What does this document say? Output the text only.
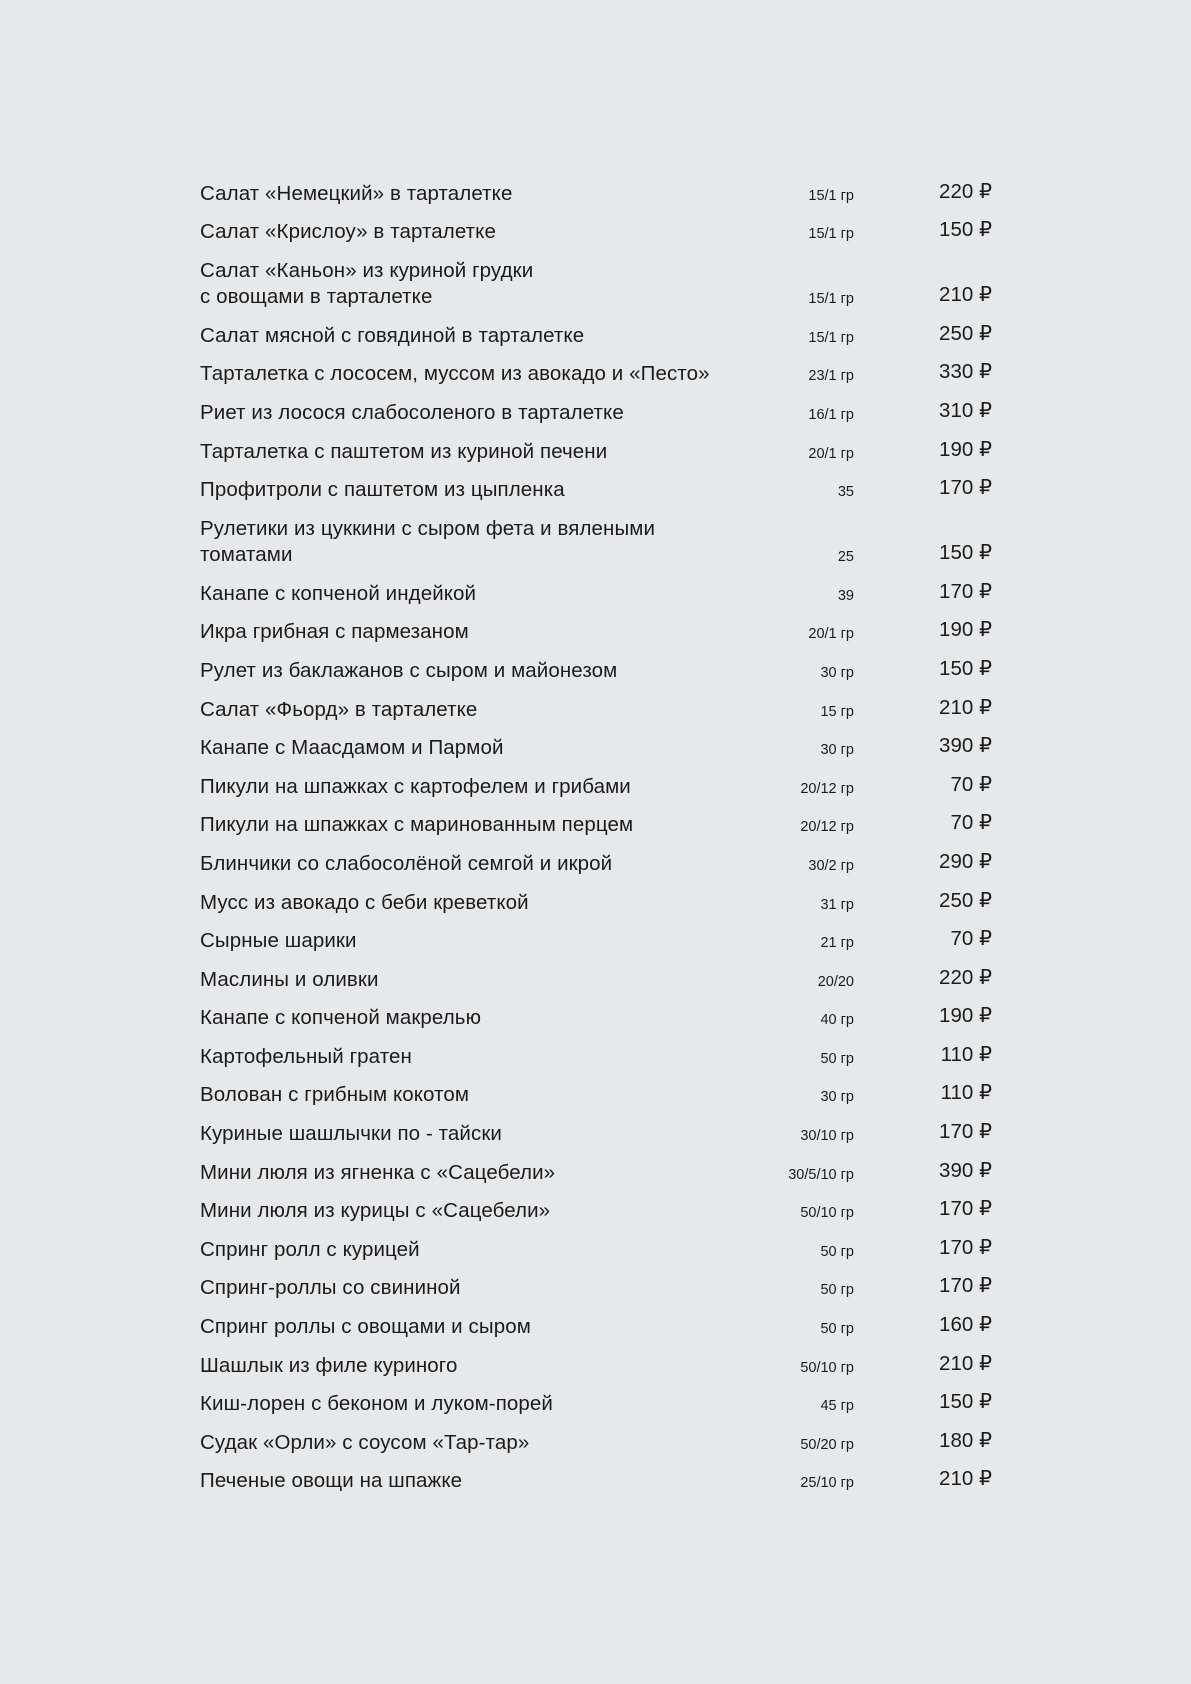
Салат «Немецкий» в тарталетке	15/1 гр	220 ₽
Салат «Крислоу» в тарталетке	15/1 гр	150 ₽
Салат «Каньон» из куриной грудки
с овощами в тарталетке	15/1 гр	210 ₽
Салат мясной с говядиной в тарталетке	15/1 гр	250 ₽
Тарталетка с лососем, муссом из авокадо и «Песто»	23/1 гр	330 ₽
Риет из лосося слабосоленого в тарталетке	16/1 гр	310 ₽
Тарталетка с паштетом из куриной печени	20/1 гр	190 ₽
Профитроли с паштетом из цыпленка	35	170 ₽
Рулетики из цуккини с сыром фета и вялеными
томатами	25	150 ₽
Канапе с копченой индейкой	39	170 ₽
Икра грибная с пармезаном	20/1 гр	190 ₽
Рулет из баклажанов с сыром и майонезом	30 гр	150 ₽
Салат «Фьорд» в тарталетке	15 гр	210 ₽
Канапе с Маасдамом и Пармой	30 гр	390 ₽
Пикули на шпажках с картофелем и грибами	20/12 гр	70 ₽
Пикули на шпажках с маринованным перцем	20/12 гр	70 ₽
Блинчики со слабосолёной семгой и икрой	30/2 гр	290 ₽
Мусс из авокадо с беби креветкой	31 гр	250 ₽
Сырные шарики	21 гр	70 ₽
Маслины и оливки	20/20	220 ₽
Канапе с копченой макрелью	40 гр	190 ₽
Картофельный гратен	50 гр	110 ₽
Волован с грибным кокотом	30 гр	110 ₽
Куриные шашлычки по - тайски	30/10 гр	170 ₽
Мини люля из ягненка с «Сацебели»	30/5/10 гр	390 ₽
Мини люля из курицы с «Сацебели»	50/10 гр	170 ₽
Спринг ролл с курицей	50 гр	170 ₽
Спринг-роллы со свининой	50 гр	170 ₽
Спринг роллы с овощами и сыром	50 гр	160 ₽
Шашлык из филе куриного	50/10 гр	210 ₽
Киш-лорен с беконом и луком-порей	45 гр	150 ₽
Судак «Орли» с соусом «Тар-тар»	50/20 гр	180 ₽
Печеные овощи на шпажке	25/10 гр	210 ₽
